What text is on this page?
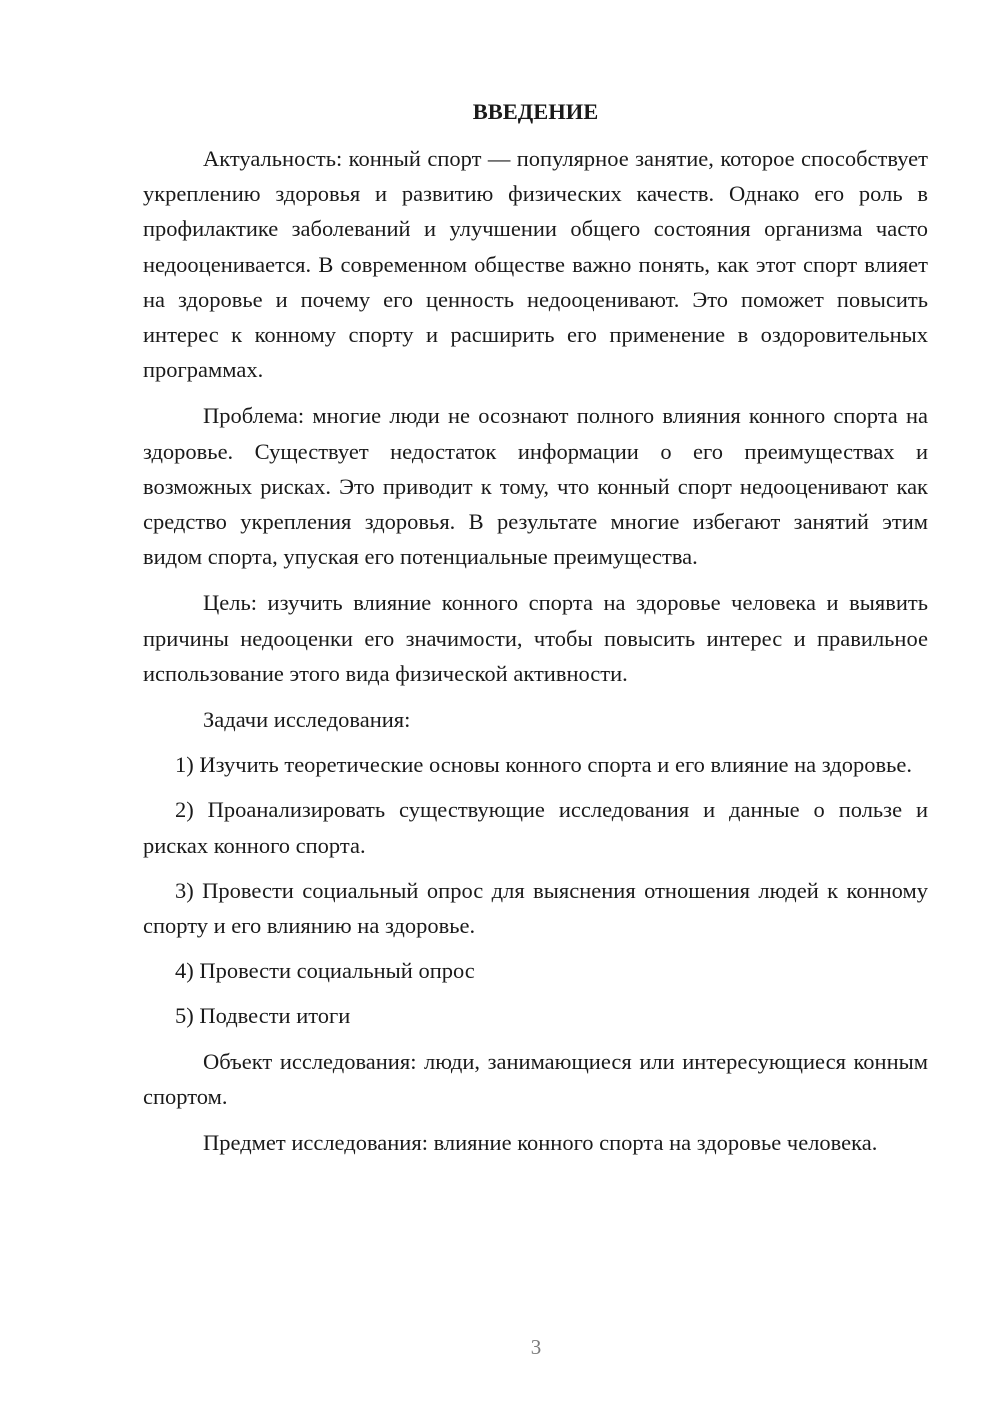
ВВЕДЕНИЕ

Актуальность: конный спорт — популярное занятие, которое способствует укреплению здоровья и развитию физических качеств. Однако его роль в профилактике заболеваний и улучшении общего состояния организма часто недооценивается. В современном обществе важно понять, как этот спорт влияет на здоровье и почему его ценность недооценивают. Это поможет повысить интерес к конному спорту и расширить его применение в оздоровительных программах.

Проблема: многие люди не осознают полного влияния конного спорта на здоровье. Существует недостаток информации о его преимуществах и возможных рисках. Это приводит к тому, что конный спорт недооценивают как средство укрепления здоровья. В результате многие избегают занятий этим видом спорта, упуская его потенциальные преимущества.

Цель: изучить влияние конного спорта на здоровье человека и выявить причины недооценки его значимости, чтобы повысить интерес и правильное использование этого вида физической активности.

Задачи исследования:

1) Изучить теоретические основы конного спорта и его влияние на здоровье.

2) Проанализировать существующие исследования и данные о пользе и рисках конного спорта.

3) Провести социальный опрос для выяснения отношения людей к конному спорту и его влиянию на здоровье.

4) Провести социальный опрос

5) Подвести итоги

Объект исследования: люди, занимающиеся или интересующиеся конным спортом.

Предмет исследования: влияние конного спорта на здоровье человека.

3
